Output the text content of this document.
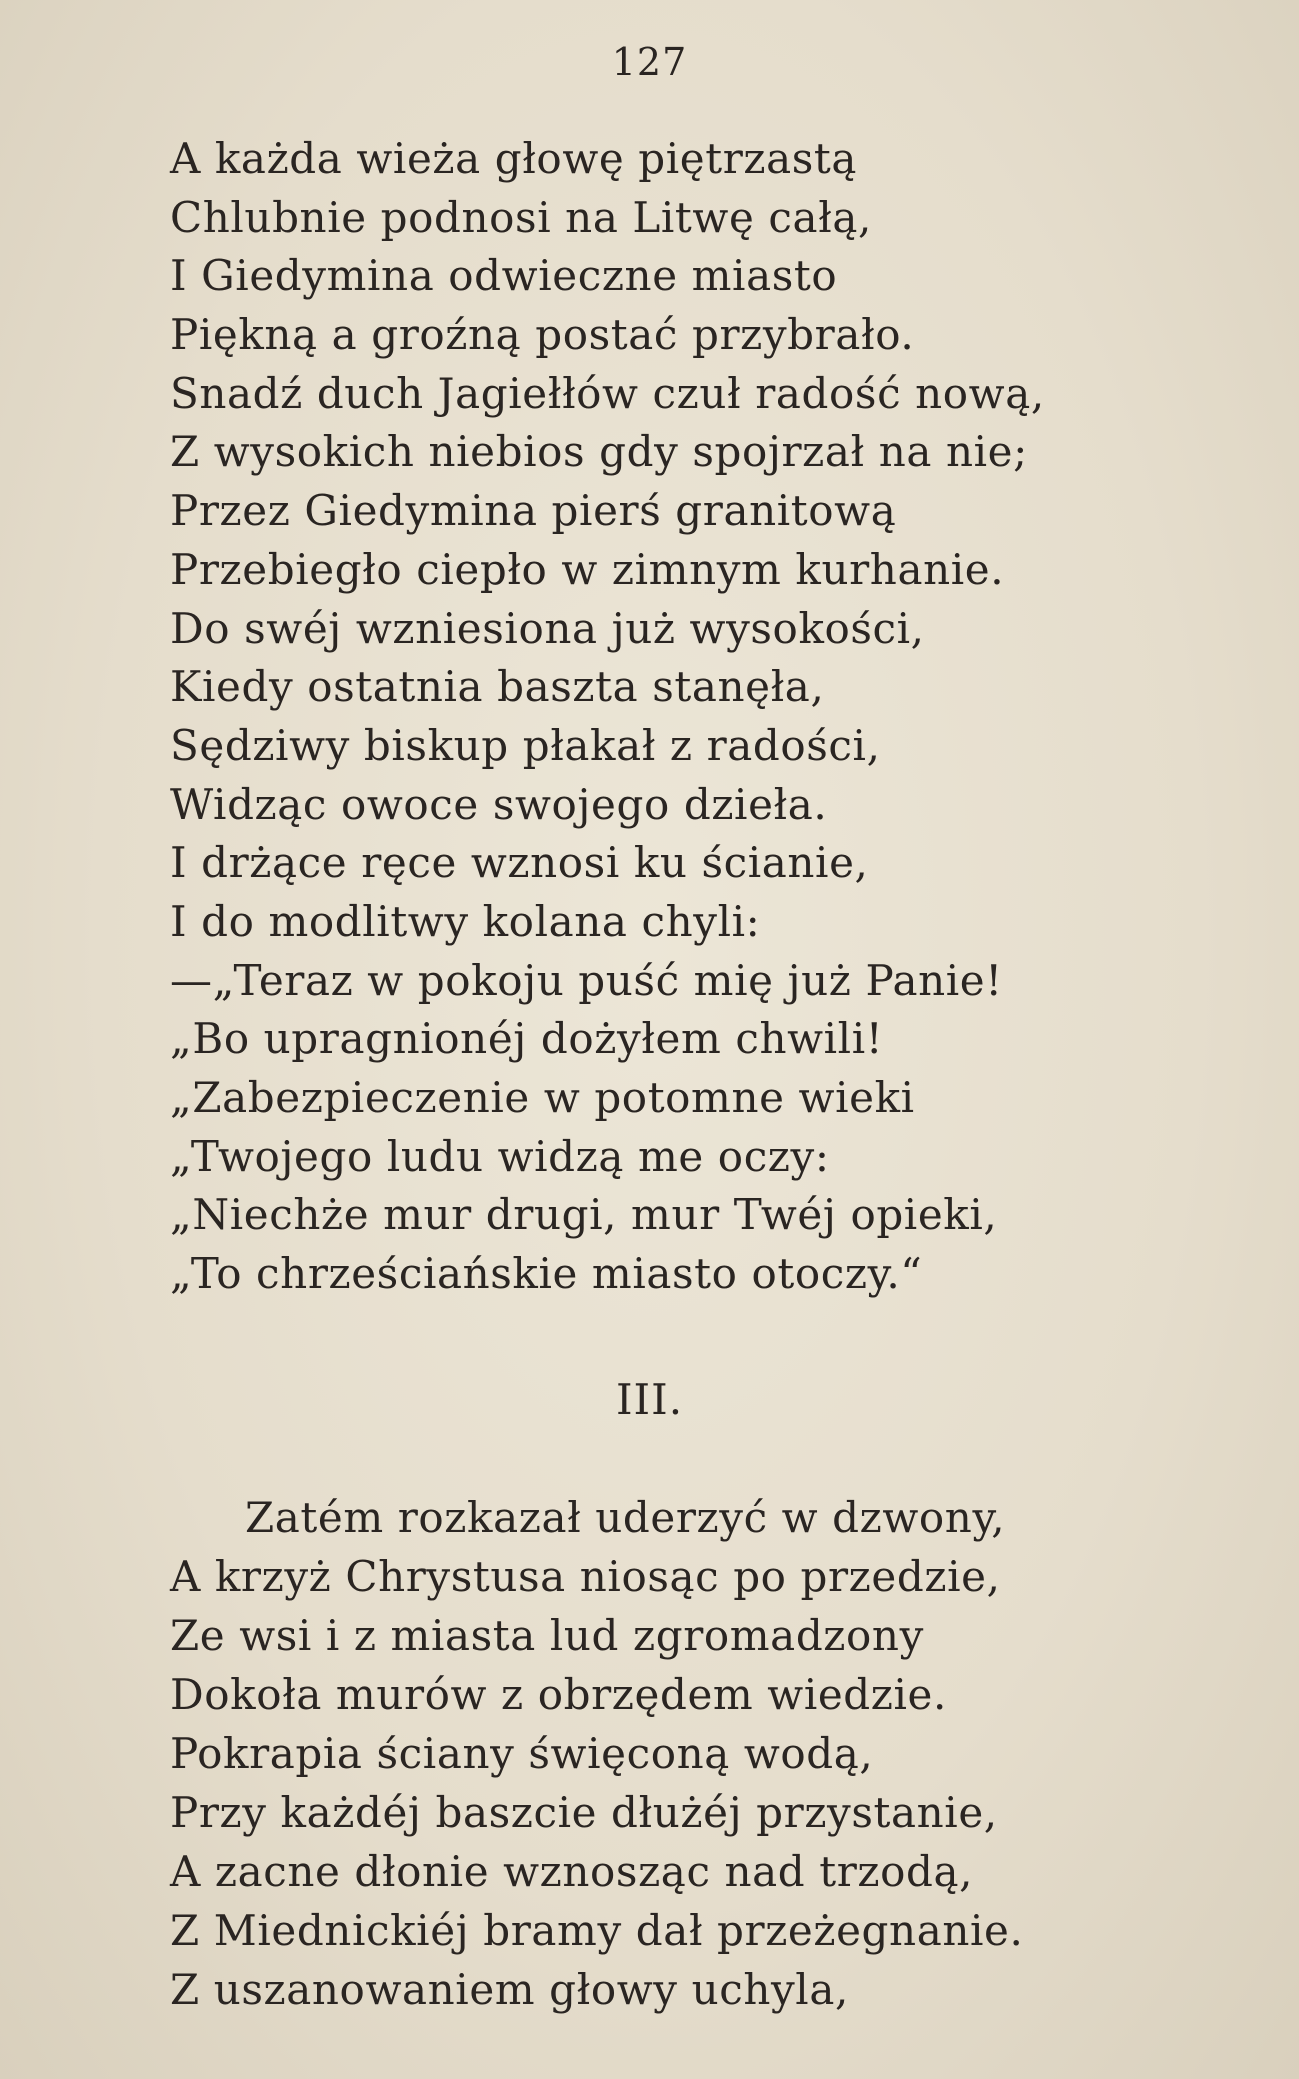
127
A każda wieża głowę piętrzastą
Chlubnie podnosi na Litwę całą,
I Giedymina odwieczne miasto
Piękną a groźną postać przybrało.
Snadź duch Jagiełłów czuł radość nową,
Z wysokich niebios gdy spojrzał na nie;
Przez Giedymina pierś granitową
Przebiegło ciepło w zimnym kurhanie.
Do swéj wzniesiona już wysokości,
Kiedy ostatnia baszta stanęła,
Sędziwy biskup płakał z radości,
Widząc owoce swojego dzieła.
I drżące ręce wznosi ku ścianie,
I do modlitwy kolana chyli:
—„Teraz w pokoju puść mię już Panie!
„Bo upragnionéj dożyłem chwili!
„Zabezpieczenie w potomne wieki
„Twojego ludu widzą me oczy:
„Niechże mur drugi, mur Twéj opieki,
„To chrześciańskie miasto otoczy.“
III.
Zatém rozkazał uderzyć w dzwony,
A krzyż Chrystusa niosąc po przedzie,
Ze wsi i z miasta lud zgromadzony
Dokoła murów z obrzędem wiedzie.
Pokrapia ściany święconą wodą,
Przy każdéj baszcie dłużéj przystanie,
A zacne dłonie wznosząc nad trzodą,
Z Miednickiéj bramy dał przeżegnanie.
Z uszanowaniem głowy uchyla,
